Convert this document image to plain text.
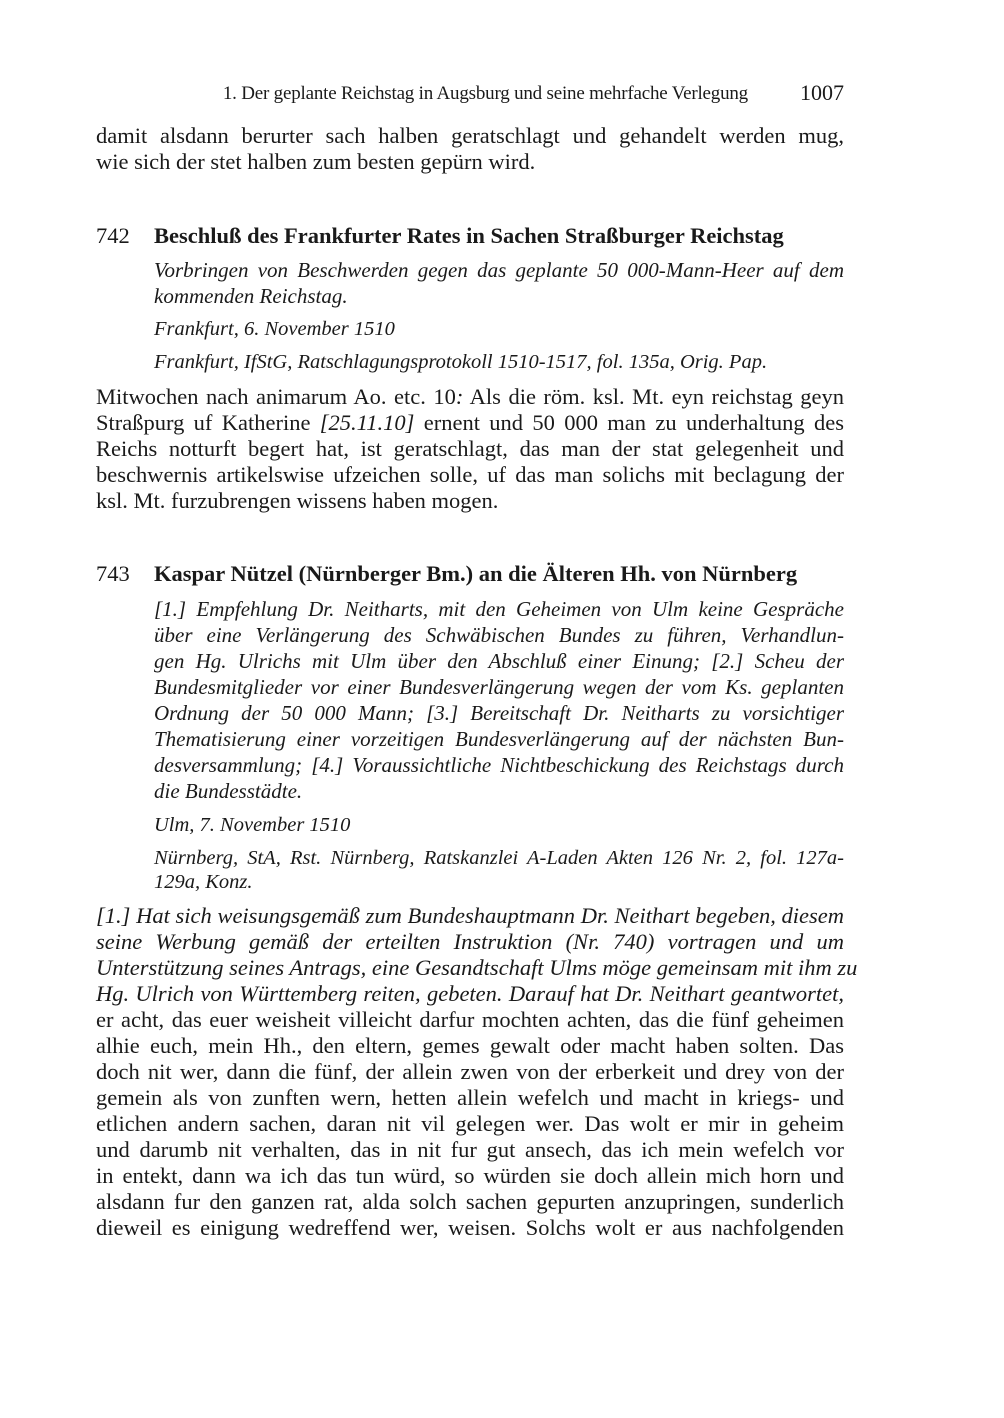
1. Der geplante Reichstag in Augsburg und seine mehrfache Verlegung 1007
damit alsdann berurter sach halben geratschlagt und gehandelt werden mug,
wie sich der stet halben zum besten gepürn wird.
742 Beschluß des Frankfurter Rates in Sachen Straßburger Reichstag
Vorbringen von Beschwerden gegen das geplante 50 000-Mann-Heer auf dem
kommenden Reichstag.
Frankfurt, 6. November 1510
Frankfurt, IfStG, Ratschlagungsprotokoll 1510-1517, fol. 135a, Orig. Pap.
Mitwochen nach animarum Ao. etc. 10: Als die röm. ksl. Mt. eyn reichstag geyn
Straßpurg uf Katherine [25.11.10] ernent und 50 000 man zu underhaltung des
Reichs notturft begert hat, ist geratschlagt, das man der stat gelegenheit und
beschwernis artikelswise ufzeichen solle, uf das man solichs mit beclagung der
ksl. Mt. furzubrengen wissens haben mogen.
743 Kaspar Nützel (Nürnberger Bm.) an die Älteren Hh. von Nürnberg
[1.] Empfehlung Dr. Neitharts, mit den Geheimen von Ulm keine Gespräche
über eine Verlängerung des Schwäbischen Bundes zu führen, Verhandlun-
gen Hg. Ulrichs mit Ulm über den Abschluß einer Einung; [2.] Scheu der
Bundesmitglieder vor einer Bundesverlängerung wegen der vom Ks. geplanten
Ordnung der 50 000 Mann; [3.] Bereitschaft Dr. Neitharts zu vorsichtiger
Thematisierung einer vorzeitigen Bundesverlängerung auf der nächsten Bun-
desversammlung; [4.] Voraussichtliche Nichtbeschickung des Reichstags durch
die Bundesstädte.
Ulm, 7. November 1510
Nürnberg, StA, Rst. Nürnberg, Ratskanzlei A-Laden Akten 126 Nr. 2, fol. 127a-
129a, Konz.
[1.] Hat sich weisungsgemäß zum Bundeshauptmann Dr. Neithart begeben, diesem
seine Werbung gemäß der erteilten Instruktion (Nr. 740) vortragen und um
Unterstützung seines Antrags, eine Gesandtschaft Ulms möge gemeinsam mit ihm zu
Hg. Ulrich von Württemberg reiten, gebeten. Darauf hat Dr. Neithart geantwortet,
er acht, das euer weisheit villeicht darfur mochten achten, das die fünf geheimen
alhie euch, mein Hh., den eltern, gemes gewalt oder macht haben solten. Das
doch nit wer, dann die fünf, der allein zwen von der erberkeit und drey von der
gemein als von zunften wern, hetten allein wefelch und macht in kriegs- und
etlichen andern sachen, daran nit vil gelegen wer. Das wolt er mir in geheim
und darumb nit verhalten, das in nit fur gut ansech, das ich mein wefelch vor
in entekt, dann wa ich das tun würd, so würden sie doch allein mich horn und
alsdann fur den ganzen rat, alda solch sachen gepurten anzupringen, sunderlich
dieweil es einigung wedreffend wer, weisen. Solchs wolt er aus nachfolgenden
